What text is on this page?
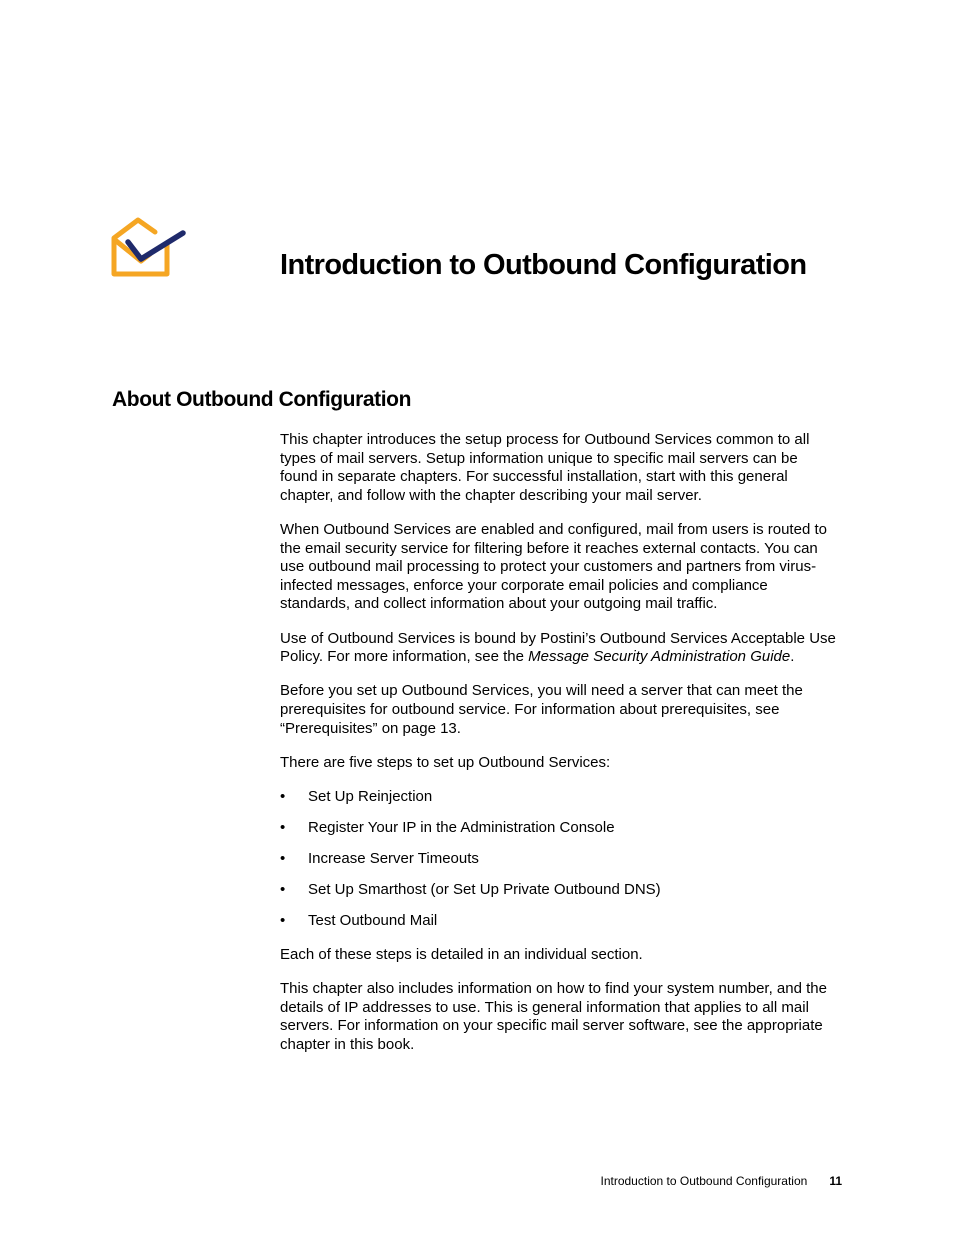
Introduction to Outbound Configuration
About Outbound Configuration

This chapter introduces the setup process for Outbound Services common to all types of mail servers. Setup information unique to specific mail servers can be found in separate chapters. For successful installation, start with this general chapter, and follow with the chapter describing your mail server.

When Outbound Services are enabled and configured, mail from users is routed to the email security service for filtering before it reaches external contacts. You can use outbound mail processing to protect your customers and partners from virus-infected messages, enforce your corporate email policies and compliance standards, and collect information about your outgoing mail traffic.

Use of Outbound Services is bound by Postini’s Outbound Services Acceptable Use Policy. For more information, see the Message Security Administration Guide.

Before you set up Outbound Services, you will need a server that can meet the prerequisites for outbound service. For information about prerequisites, see “Prerequisites” on page 13.

There are five steps to set up Outbound Services:

• Set Up Reinjection
• Register Your IP in the Administration Console
• Increase Server Timeouts
• Set Up Smarthost (or Set Up Private Outbound DNS)
• Test Outbound Mail

Each of these steps is detailed in an individual section.

This chapter also includes information on how to find your system number, and the details of IP addresses to use. This is general information that applies to all mail servers. For information on your specific mail server software, see the appropriate chapter in this book.

Introduction to Outbound Configuration 11
